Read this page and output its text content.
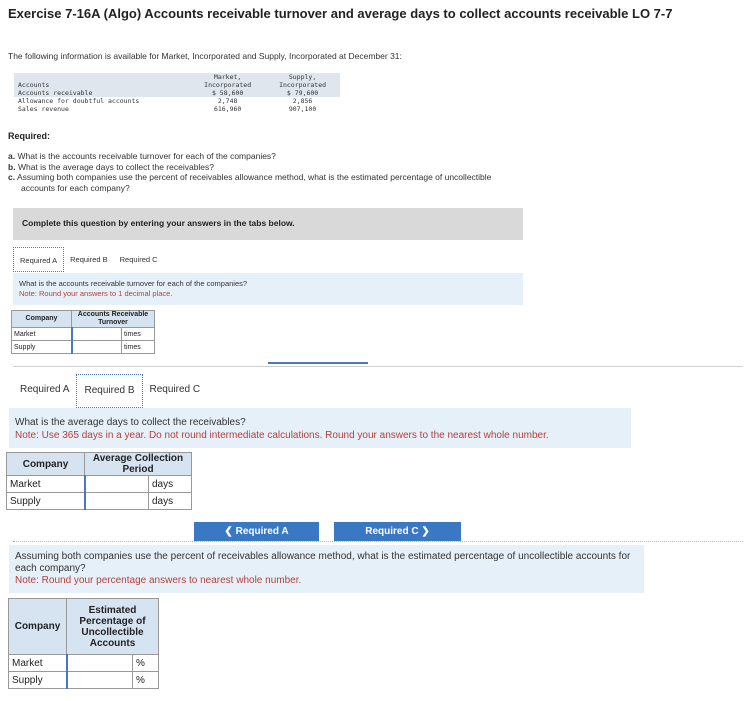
Exercise 7-16A (Algo) Accounts receivable turnover and average days to collect accounts receivable LO 7-7
The following information is available for Market, Incorporated and Supply, Incorporated at December 31:
	Market,	Supply,
Accounts	Incorporated	Incorporated
Accounts receivable	$ 58,600	$ 79,600
Allowance for doubtful accounts	2,748	2,856
Sales revenue	616,960	907,100
Required:
a. What is the accounts receivable turnover for each of the companies?
b. What is the average days to collect the receivables?
c. Assuming both companies use the percent of receivables allowance method, what is the estimated percentage of uncollectible
accounts for each company?
Complete this question by entering your answers in the tabs below.
Required A	Required B	Required C
What is the accounts receivable turnover for each of the companies?
Note: Round your answers to 1 decimal place.
Company	Accounts Receivable
Turnover	

Market		times
Supply		times
Required A	Required B	Required C
What is the average days to collect the receivables?
Note: Use 365 days in a year. Do not round intermediate calculations. Round your answers to the nearest whole number.
Company	Average Collection
Period	

Market		days
Supply		days
❮ Required A	Required C ❯
Assuming both companies use the percent of receivables allowance method, what is the estimated percentage of uncollectible accounts for each company?
Note: Round your percentage answers to nearest whole number.
Company	Estimated
Percentage of
Uncollectible
Accounts	

Market		%
Supply		%
